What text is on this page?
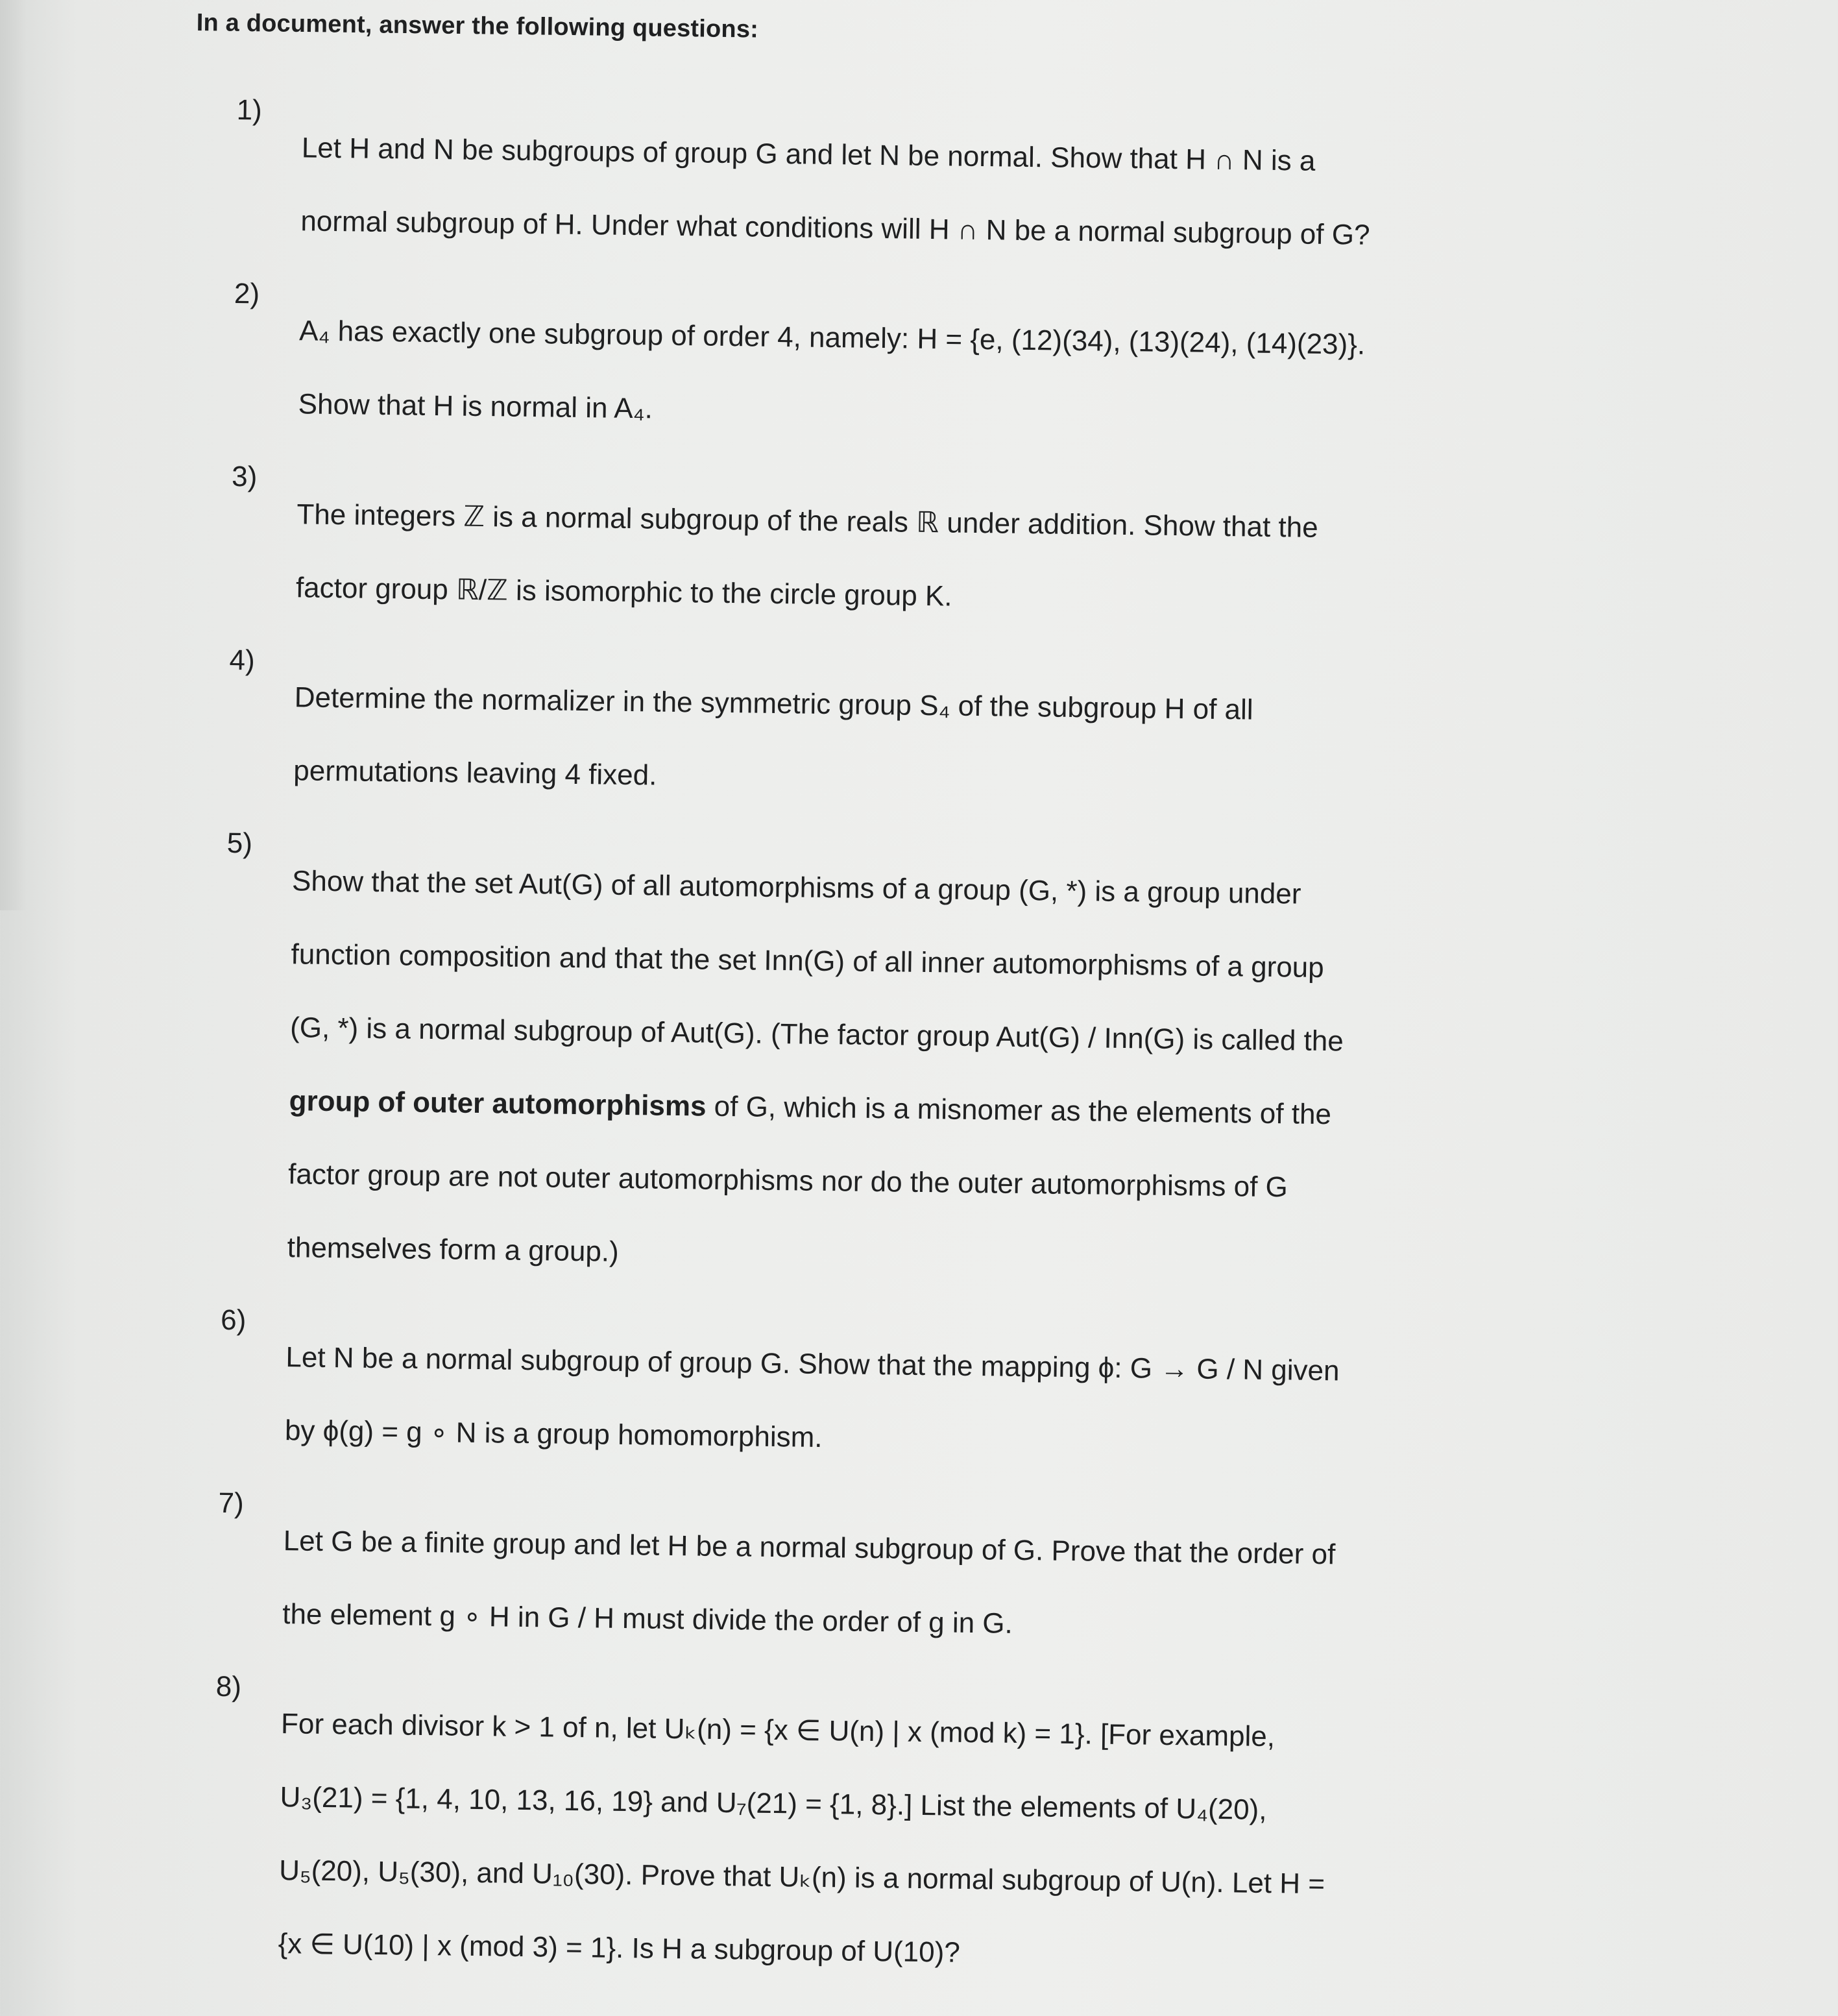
In a document, answer the following questions:
1)

Let H and N be subgroups of group G and let N be normal. Show that H ∩ N is a

normal subgroup of H. Under what conditions will H ∩ N be a normal subgroup of G?

2)

A₄ has exactly one subgroup of order 4, namely: H = {e, (12)(34), (13)(24), (14)(23)}.

Show that H is normal in A₄.

3)

The integers ℤ is a normal subgroup of the reals ℝ under addition. Show that the

factor group ℝ/ℤ is isomorphic to the circle group K.

4)

Determine the normalizer in the symmetric group S₄ of the subgroup H of all

permutations leaving 4 fixed.

5)

Show that the set Aut(G) of all automorphisms of a group (G, *) is a group under

function composition and that the set Inn(G) of all inner automorphisms of a group

(G, *) is a normal subgroup of Aut(G). (The factor group Aut(G) / Inn(G) is called the

group of outer automorphisms of G, which is a misnomer as the elements of the

factor group are not outer automorphisms nor do the outer automorphisms of G

themselves form a group.)

6)

Let N be a normal subgroup of group G. Show that the mapping ϕ: G → G / N given

by ϕ(g) = g ∘ N is a group homomorphism.

7)

Let G be a finite group and let H be a normal subgroup of G. Prove that the order of

the element g ∘ H in G / H must divide the order of g in G.

8)

For each divisor k > 1 of n, let Uₖ(n) = {x ∈ U(n) | x (mod k) = 1}. [For example,

U₃(21) = {1, 4, 10, 13, 16, 19} and U₇(21) = {1, 8}.] List the elements of U₄(20),

U₅(20), U₅(30), and U₁₀(30). Prove that Uₖ(n) is a normal subgroup of U(n). Let H =

{x ∈ U(10) | x (mod 3) = 1}. Is H a subgroup of U(10)?
